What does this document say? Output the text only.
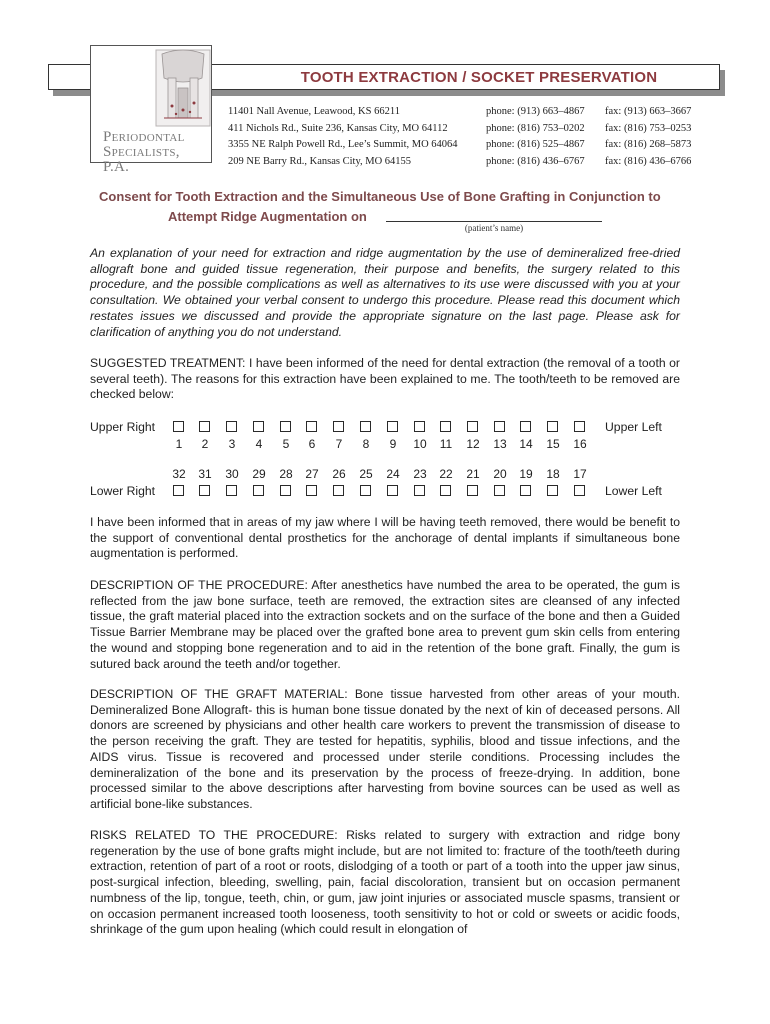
TOOTH EXTRACTION / SOCKET PRESERVATION
Periodontal
Specialists, P.A.
11401 Nall Avenue, Leawood, KS 66211
411 Nichols Rd., Suite 236, Kansas City, MO 64112
3355 NE Ralph Powell Rd., Lee’s Summit, MO 64064
209 NE Barry Rd., Kansas City, MO 64155
phone: (913) 663–4867
phone: (816) 753–0202
phone: (816) 525–4867
phone: (816) 436–6767
fax: (913) 663–3667
fax: (816) 753–0253
fax: (816) 268–5873
fax: (816) 436–6766
Consent for Tooth Extraction and the Simultaneous Use of Bone Grafting in Conjunction to
Attempt Ridge Augmentation on
(patient’s name)
An explanation of your need for extraction and ridge augmentation by the use of demineralized free-dried allograft bone and guided tissue regeneration, their purpose and benefits, the surgery related to this procedure, and the possible complications as well as alternatives to its use were discussed with you at your consultation. We obtained your verbal consent to undergo this procedure. Please read this document which restates issues we discussed and provide the appropriate signature on the last page. Please ask for clarification of anything you do not understand.
SUGGESTED TREATMENT: I have been informed of the need for dental extraction (the removal of a tooth or several teeth). The reasons for this extraction have been explained to me. The tooth/teeth to be removed are checked below:
Upper Right	Upper Left
Lower Right	Lower Left
1
32
2
31
3
30
4
29
5
28
6
27
7
26
8
25
9
24
10
23
11
22
12
21
13
20
14
19
15
18
16
17
I have been informed that in areas of my jaw where I will be having teeth removed, there would be benefit to the support of conventional dental prosthetics for the anchorage of dental implants if simultaneous bone augmentation is performed.
DESCRIPTION OF THE PROCEDURE: After anesthetics have numbed the area to be operated, the gum is reflected from the jaw bone surface, teeth are removed, the extraction sites are cleansed of any infected tissue, the graft material placed into the extraction sockets and on the surface of the bone and then a Guided Tissue Barrier Membrane may be placed over the grafted bone area to prevent gum skin cells from entering the wound and stopping bone regeneration and to aid in the retention of the bone graft. Finally, the gum is sutured back around the teeth and/or together.
DESCRIPTION OF THE GRAFT MATERIAL: Bone tissue harvested from other areas of your mouth. Demineralized Bone Allograft- this is human bone tissue donated by the next of kin of deceased persons. All donors are screened by physicians and other health care workers to prevent the transmission of disease to the person receiving the graft. They are tested for hepatitis, syphilis, blood and tissue infections, and the AIDS virus. Tissue is recovered and processed under sterile conditions. Processing includes the demineralization of the bone and its preservation by the process of freeze-drying. In addition, bone processed similar to the above descriptions after harvesting from bovine sources can be used as well as artificial bone-like substances.
RISKS RELATED TO THE PROCEDURE: Risks related to surgery with extraction and ridge bony regeneration by the use of bone grafts might include, but are not limited to: fracture of the tooth/teeth during extraction, retention of part of a root or roots, dislodging of a tooth or part of a tooth into the upper jaw sinus, post-surgical infection, bleeding, swelling, pain, facial discoloration, transient but on occasion permanent numbness of the lip, tongue, teeth, chin, or gum, jaw joint injuries or associated muscle spasms, transient or on occasion permanent increased tooth looseness, tooth sensitivity to hot or cold or sweets or acidic foods, shrinkage of the gum upon healing (which could result in elongation of
